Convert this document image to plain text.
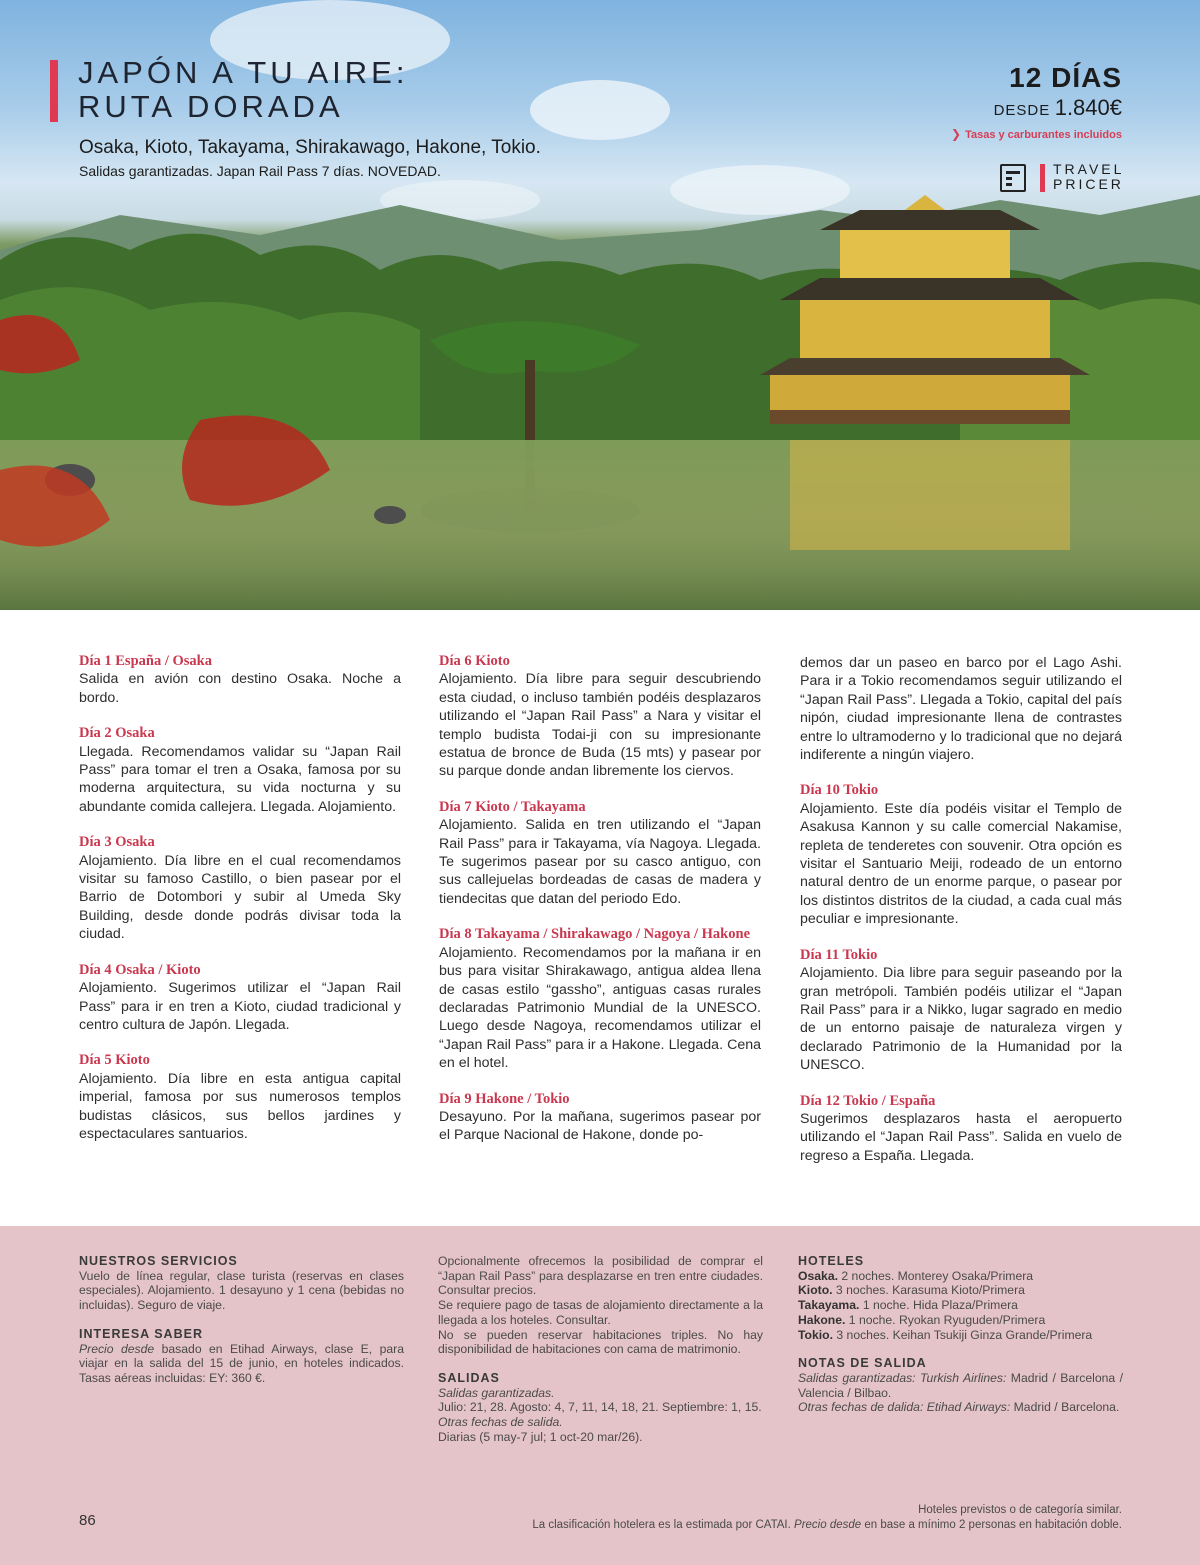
JAPÓN A TU AIRE:
RUTA DORADA
Osaka, Kioto, Takayama, Shirakawago, Hakone, Tokio.
Salidas garantizadas. Japan Rail Pass 7 días. NOVEDAD.
12 DÍAS
DESDE 1.840€
❯ Tasas y carburantes incluidos
TRAVEL
PRICER
Día 1 España / Osaka

Salida en avión con destino Osaka. Noche a bordo.

Día 2 Osaka

Llegada. Recomendamos validar su “Japan Rail Pass” para tomar el tren a Osaka, famosa por su moderna arquitectura, su vida nocturna y su abundante comida callejera. Llegada. Alojamiento.

Día 3 Osaka

Alojamiento. Día libre en el cual recomendamos visitar su famoso Castillo, o bien pasear por el Barrio de Dotombori y subir al Umeda Sky Building, desde donde podrás divisar toda la ciudad.

Día 4 Osaka / Kioto

Alojamiento. Sugerimos utilizar el “Japan Rail Pass” para ir en tren a Kioto, ciudad tradicional y centro cultura de Japón. Llegada.

Día 5 Kioto

Alojamiento. Día libre en esta antigua capital imperial, famosa por sus numerosos templos budistas clásicos, sus bellos jardines y espectaculares santuarios.

Día 6 Kioto

Alojamiento. Día libre para seguir descubriendo esta ciudad, o incluso también podéis desplazaros utilizando el “Japan Rail Pass” a Nara y visitar el templo budista Todai-ji con su impresionante estatua de bronce de Buda (15 mts) y pasear por su parque donde andan libremente los ciervos.

Día 7 Kioto / Takayama

Alojamiento. Salida en tren utilizando el “Japan Rail Pass” para ir Takayama, vía Nagoya. Llegada. Te sugerimos pasear por su casco antiguo, con sus callejuelas bordeadas de casas de madera y tiendecitas que datan del periodo Edo.

Día 8 Takayama / Shirakawago / Nagoya / Hakone

Alojamiento. Recomendamos por la mañana ir en bus para visitar Shirakawago, antigua aldea llena de casas estilo “gassho”, antiguas casas rurales declaradas Patrimonio Mundial de la UNESCO. Luego desde Nagoya, recomendamos utilizar el “Japan Rail Pass” para ir a Hakone. Llegada. Cena en el hotel.

Día 9 Hakone / Tokio

Desayuno. Por la mañana, sugerimos pasear por el Parque Nacional de Hakone, donde po-

demos dar un paseo en barco por el Lago Ashi. Para ir a Tokio recomendamos seguir utilizando el “Japan Rail Pass”. Llegada a Tokio, capital del país nipón, ciudad impresionante llena de contrastes entre lo ultramoderno y lo tradicional que no dejará indiferente a ningún viajero.

Día 10 Tokio

Alojamiento. Este día podéis visitar el Templo de Asakusa Kannon y su calle comercial Nakamise, repleta de tenderetes con souvenir. Otra opción es visitar el Santuario Meiji, rodeado de un entorno natural dentro de un enorme parque, o pasear por los distintos distritos de la ciudad, a cada cual más peculiar e impresionante.

Día 11 Tokio

Alojamiento. Dia libre para seguir paseando por la gran metrópoli. También podéis utilizar el “Japan Rail Pass” para ir a Nikko, lugar sagrado en medio de un entorno paisaje de naturaleza virgen y declarado Patrimonio de la Humanidad por la UNESCO.

Día 12 Tokio / España

Sugerimos desplazaros hasta el aeropuerto utilizando el “Japan Rail Pass”. Salida en vuelo de regreso a España. Llegada.

NUESTROS SERVICIOS

Vuelo de línea regular, clase turista (reservas en clases especiales). Alojamiento. 1 desayuno y 1 cena (bebidas no incluidas). Seguro de viaje.

INTERESA SABER

Precio desde basado en Etihad Airways, clase E, para viajar en la salida del 15 de junio, en hoteles indicados. Tasas aéreas incluidas: EY: 360 €.

Opcionalmente ofrecemos la posibilidad de comprar el “Japan Rail Pass” para desplazarse en tren entre ciudades. Consultar precios.

Se requiere pago de tasas de alojamiento directamente a la llegada a los hoteles. Consultar.

No se pueden reservar habitaciones triples. No hay disponibilidad de habitaciones con cama de matrimonio.

SALIDAS

Salidas garantizadas.

Julio: 21, 28. Agosto: 4, 7, 11, 14, 18, 21. Septiembre: 1, 15.

Otras fechas de salida.

Diarias (5 may-7 jul; 1 oct-20 mar/26).

HOTELES

Osaka. 2 noches. Monterey Osaka/Primera

Kioto. 3 noches. Karasuma Kioto/Primera

Takayama. 1 noche. Hida Plaza/Primera

Hakone. 1 noche. Ryokan Ryuguden/Primera

Tokio. 3 noches. Keihan Tsukiji Ginza Grande/Primera

NOTAS DE SALIDA

Salidas garantizadas: Turkish Airlines: Madrid / Barcelona / Valencia / Bilbao.

Otras fechas de dalida: Etihad Airways: Madrid / Barcelona.

86
Hoteles previstos o de categoría similar.
La clasificación hotelera es la estimada por CATAI. Precio desde en base a mínimo 2 personas en habitación doble.
